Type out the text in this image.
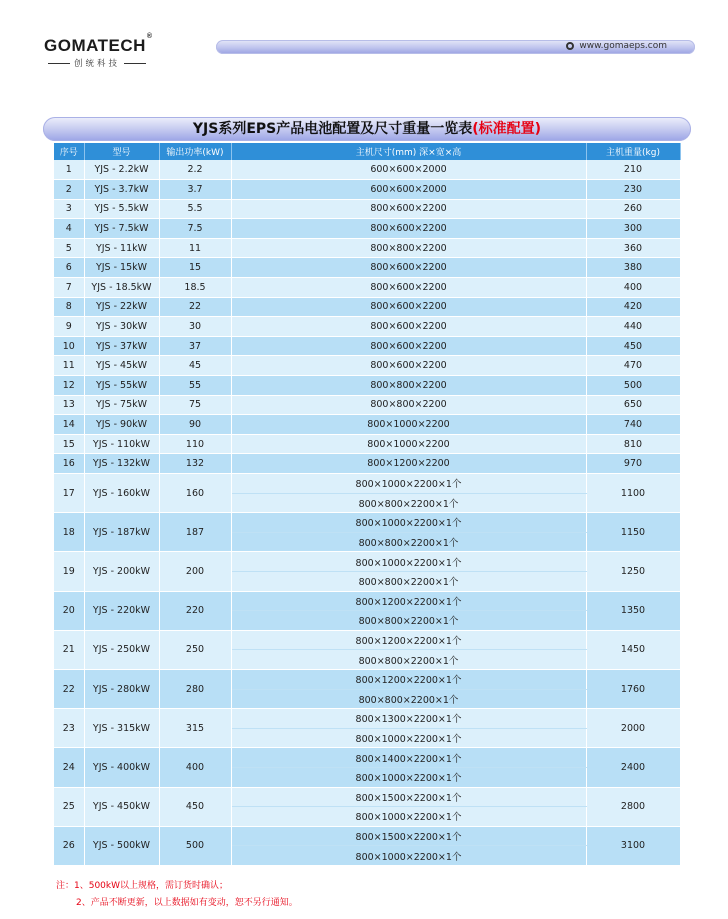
GOMATECH®
创统科技
www.gomaeps.com
YJS系列EPS产品电池配置及尺寸重量一览表(标准配置)
序号	型号	输出功率(kW)	主机尺寸(mm) 深×宽×高	主机重量(kg)
1	YJS - 2.2kW	2.2	600×600×2000	210
2	YJS - 3.7kW	3.7	600×600×2000	230
3	YJS - 5.5kW	5.5	800×600×2200	260
4	YJS - 7.5kW	7.5	800×600×2200	300
5	YJS - 11kW	11	800×800×2200	360
6	YJS - 15kW	15	800×600×2200	380
7	YJS - 18.5kW	18.5	800×600×2200	400
8	YJS - 22kW	22	800×600×2200	420
9	YJS - 30kW	30	800×600×2200	440
10	YJS - 37kW	37	800×600×2200	450
11	YJS - 45kW	45	800×600×2200	470
12	YJS - 55kW	55	800×800×2200	500
13	YJS - 75kW	75	800×800×2200	650
14	YJS - 90kW	90	800×1000×2200	740
15	YJS - 110kW	110	800×1000×2200	810
16	YJS - 132kW	132	800×1200×2200	970
17	YJS - 160kW	160	800×1000×2200×1个	1100
			800×800×2200×1个	
18	YJS - 187kW	187	800×1000×2200×1个	1150
			800×800×2200×1个	
19	YJS - 200kW	200	800×1000×2200×1个	1250
			800×800×2200×1个	
20	YJS - 220kW	220	800×1200×2200×1个	1350
			800×800×2200×1个	
21	YJS - 250kW	250	800×1200×2200×1个	1450
			800×800×2200×1个	
22	YJS - 280kW	280	800×1200×2200×1个	1760
			800×800×2200×1个	
23	YJS - 315kW	315	800×1300×2200×1个	2000
			800×1000×2200×1个	
24	YJS - 400kW	400	800×1400×2200×1个	2400
			800×1000×2200×1个	
25	YJS - 450kW	450	800×1500×2200×1个	2800
			800×1000×2200×1个	
26	YJS - 500kW	500	800×1500×2200×1个	3100
			800×1000×2200×1个	
注：1、500kW以上规格，需订货时确认；
2、产品不断更新，以上数据如有变动，恕不另行通知。
